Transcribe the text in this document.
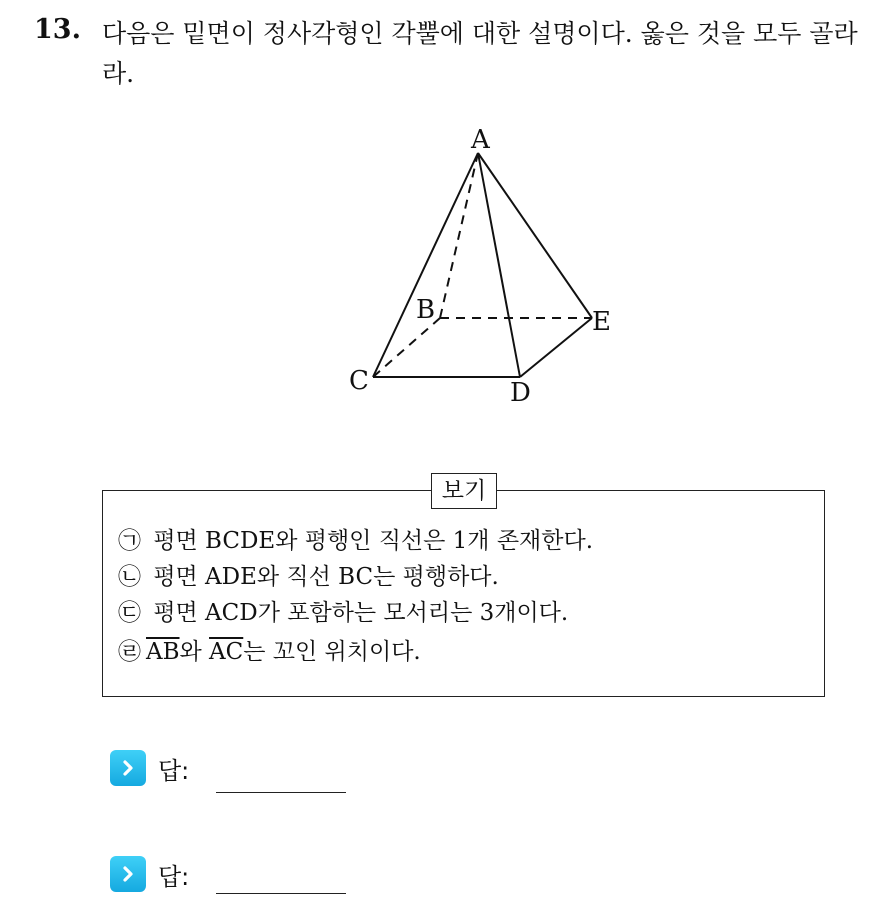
13. 다음은 밑면이 정사각형인 각뿔에 대한 설명이다. 옳은 것을 모두 골라라.
A
B
C	D
E
보기
㉠ 평면 BCDE와 평행인 직선은 1개 존재한다.
㉡ 평면 ADE와 직선 BC는 평행하다.
㉢ 평면 ACD가 포함하는 모서리는 3개이다.
㉣ $\overline{AB}$와 $\overline{AC}$는 꼬인 위치이다.
답:
답:
